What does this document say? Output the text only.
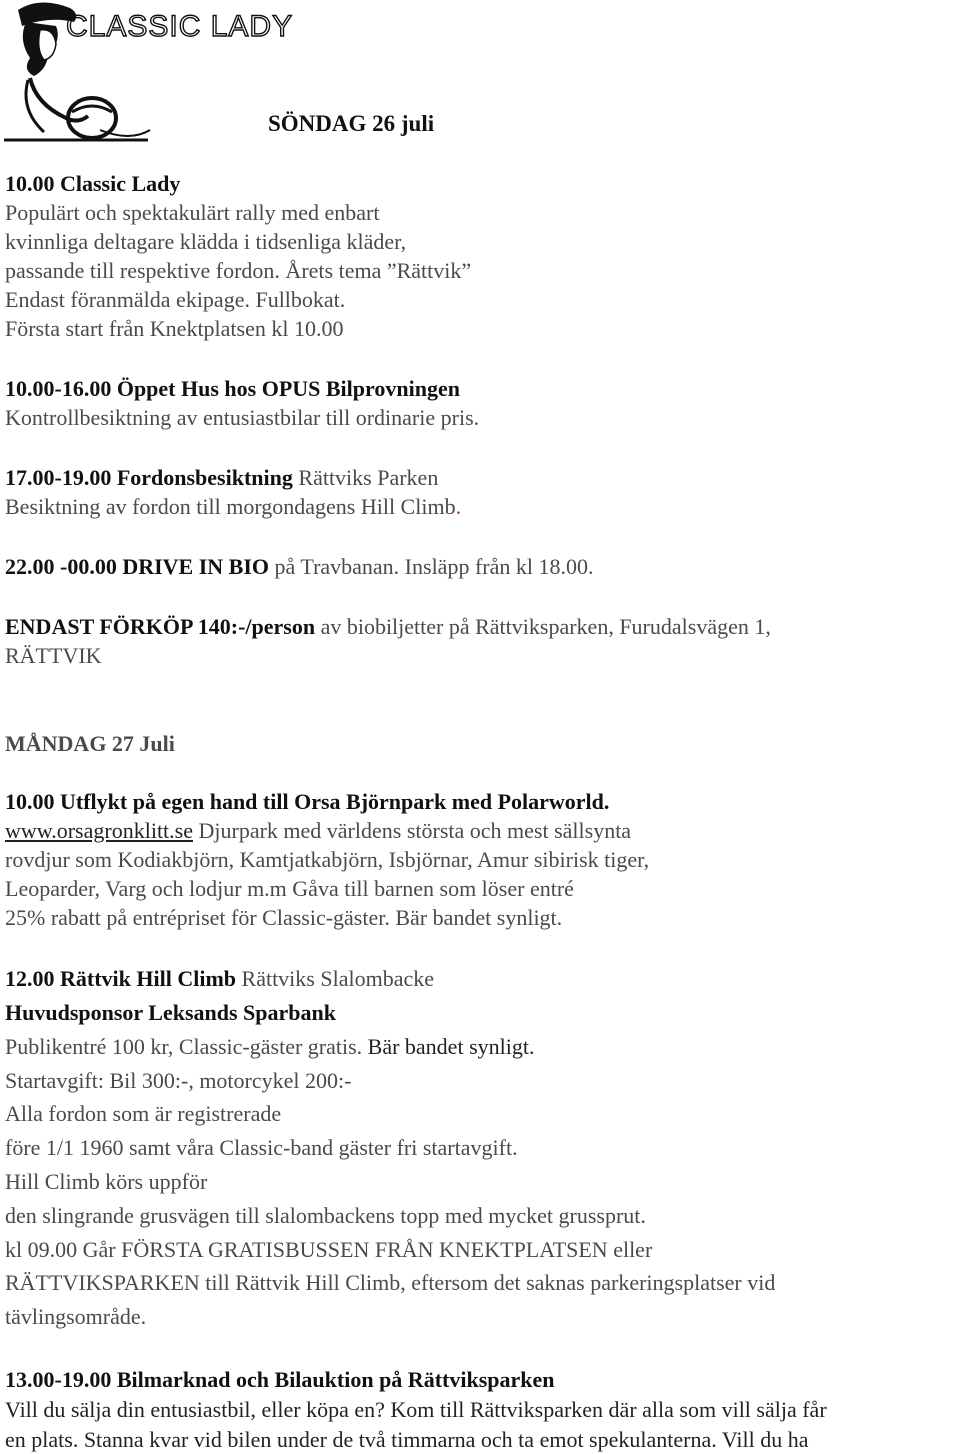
CLASSIC LADY
SÖNDAG 26 juli
10.00 Classic Lady
Populärt och spektakulärt rally med enbart
kvinnliga deltagare klädda i tidsenliga kläder,
passande till respektive fordon. Årets tema ”Rättvik”
Endast föranmälda ekipage. Fullbokat.
Första start från Knektplatsen kl 10.00
10.00-16.00 Öppet Hus hos OPUS Bilprovningen
Kontrollbesiktning av entusiastbilar till ordinarie pris.
17.00-19.00 Fordonsbesiktning Rättviks Parken
Besiktning av fordon till morgondagens Hill Climb.
22.00 -00.00 DRIVE IN BIO på Travbanan. Insläpp från kl 18.00.
ENDAST FÖRKÖP 140:-/person av biobiljetter på Rättviksparken, Furudalsvägen 1,
RÄTTVIK
MÅNDAG 27 Juli
10.00 Utflykt på egen hand till Orsa Björnpark med Polarworld.
www.orsagronklitt.se Djurpark med världens största och mest sällsynta
rovdjur som Kodiakbjörn, Kamtjatkabjörn, Isbjörnar, Amur sibirisk tiger,
Leoparder, Varg och lodjur m.m Gåva till barnen som löser entré
25% rabatt på entrépriset för Classic-gäster. Bär bandet synligt.
12.00 Rättvik Hill Climb Rättviks Slalombacke
Huvudsponsor Leksands Sparbank
Publikentré 100 kr, Classic-gäster gratis. Bär bandet synligt.
Startavgift: Bil 300:-, motorcykel 200:-
Alla fordon som är registrerade
före 1/1 1960 samt våra Classic-band gäster fri startavgift.
Hill Climb körs uppför
den slingrande grusvägen till slalombackens topp med mycket grussprut.
kl 09.00 Går FÖRSTA GRATISBUSSEN FRÅN KNEKTPLATSEN eller
RÄTTVIKSPARKEN till Rättvik Hill Climb, eftersom det saknas parkeringsplatser vid
tävlingsområde.
13.00-19.00 Bilmarknad och Bilauktion på Rättviksparken
Vill du sälja din entusiastbil, eller köpa en? Kom till Rättviksparken där alla som vill sälja får
en plats. Stanna kvar vid bilen under de två timmarna och ta emot spekulanterna. Vill du ha
